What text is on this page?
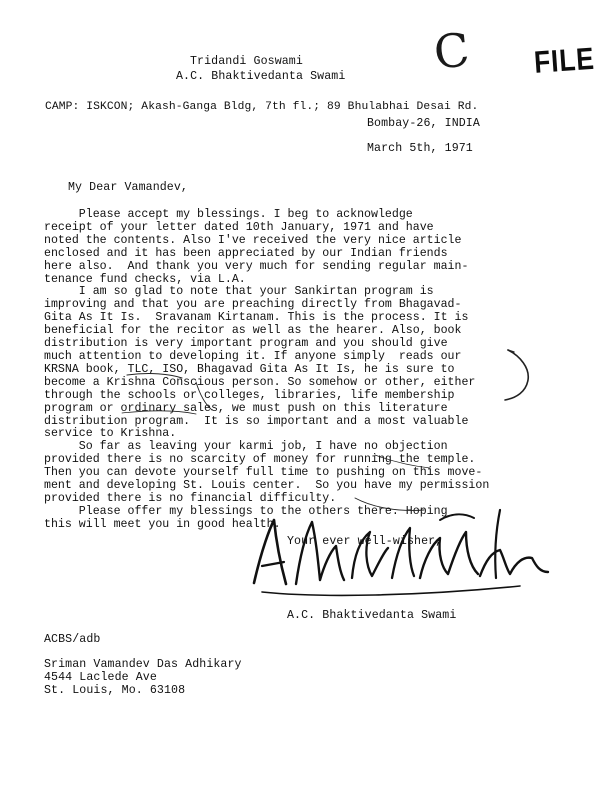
C FILE
Tridandi Goswami
A.C. Bhaktivedanta Swami
CAMP: ISKCON; Akash-Ganga Bldg, 7th fl.; 89 Bhulabhai Desai Rd.
Bombay-26, INDIA
March 5th, 1971
My Dear Vamandev,
Please accept my blessings. I beg to acknowledge
receipt of your letter dated 10th January, 1971 and have
noted the contents. Also I've received the very nice article
enclosed and it has been appreciated by our Indian friends
here also.  And thank you very much for sending regular main-
tenance fund checks, via L.A.
I am so glad to note that your Sankirtan program is
improving and that you are preaching directly from Bhagavad-
Gita As It Is.  Sravanam Kirtanam. This is the process. It is
beneficial for the recitor as well as the hearer. Also, book
distribution is very important program and you should give
much attention to developing it. If anyone simply  reads our
KRSNA book, TLC, ISO, Bhagavad Gita As It Is, he is sure to
become a Krishna Conscious person. So somehow or other, either
through the schools or colleges, libraries, life membership
program or ordinary sales, we must push on this literature
distribution program.  It is so important and a most valuable
service to Krishna.
So far as leaving your karmi job, I have no objection
provided there is no scarcity of money for running the temple.
Then you can devote yourself full time to pushing on this move-
ment and developing St. Louis center.  So you have my permission
provided there is no financial difficulty.
Please offer my blessings to the others there. Hoping
this will meet you in good health.
Your ever well-wisher,
A.C. Bhaktivedanta Swami
ACBS/adb
Sriman Vamandev Das Adhikary
4544 Laclede Ave
St. Louis, Mo. 63108
